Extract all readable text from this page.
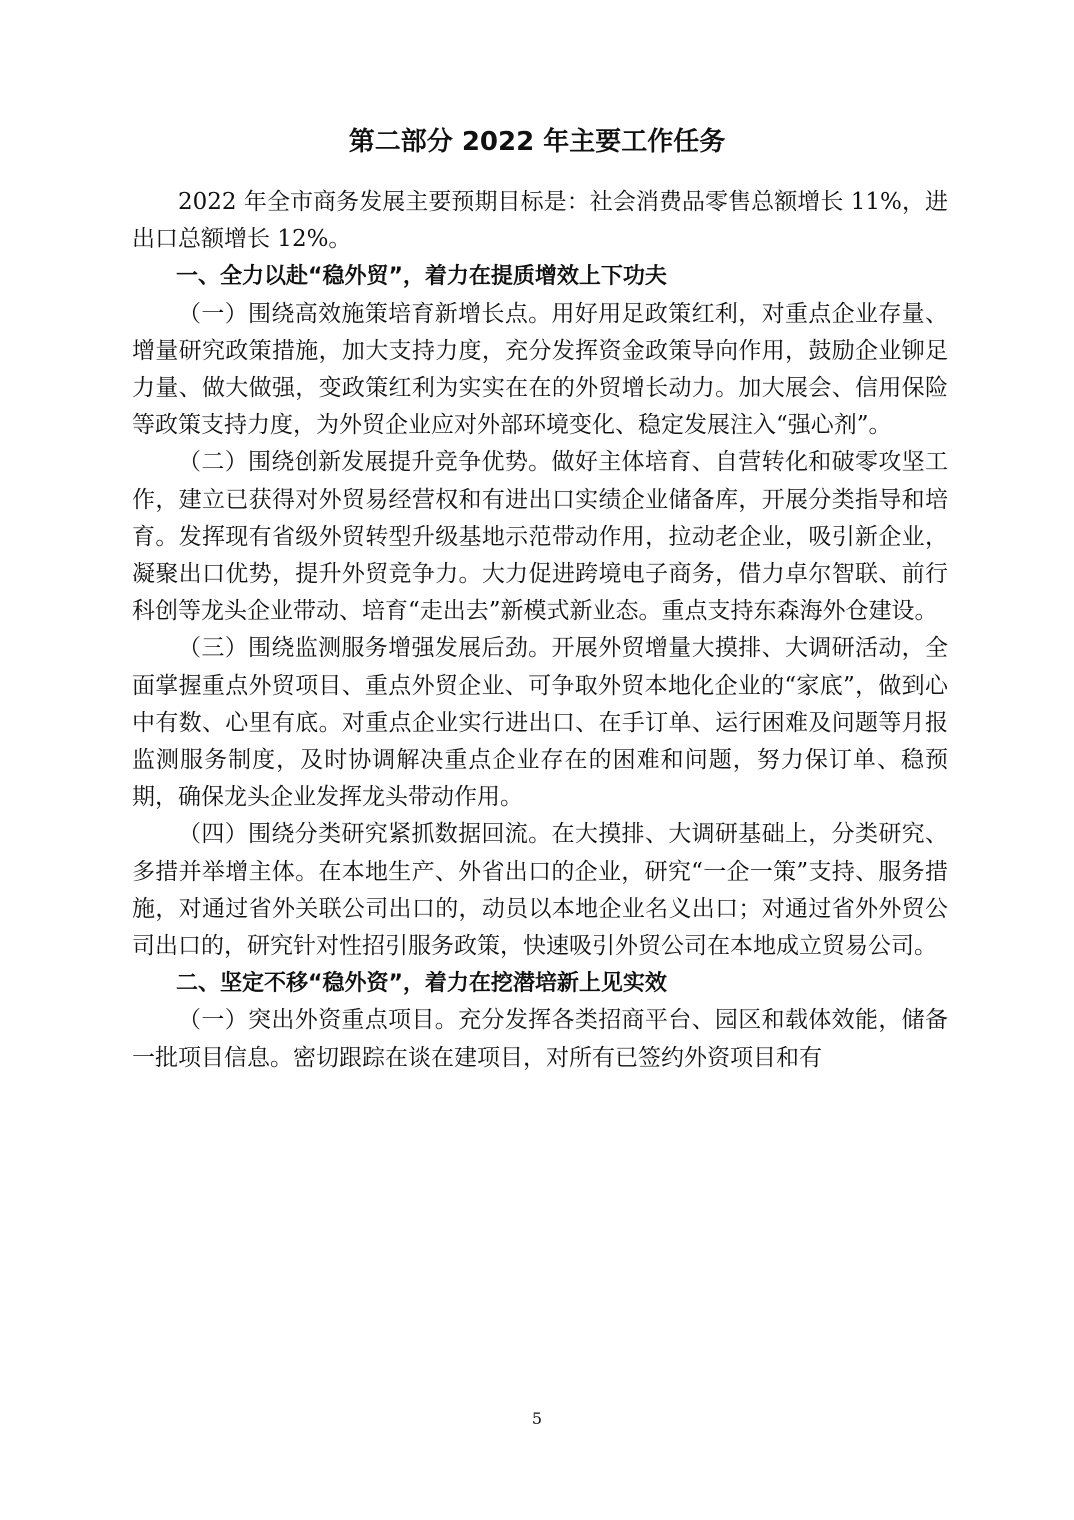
第二部分 2022 年主要工作任务

2022 年全市商务发展主要预期目标是：社会消费品零售总额增长 11%，进出口总额增长 12%。

一、全力以赴“稳外贸”，着力在提质增效上下功夫

（一）围绕高效施策培育新增长点。用好用足政策红利，对重点企业存量、增量研究政策措施，加大支持力度，充分发挥资金政策导向作用，鼓励企业铆足力量、做大做强，变政策红利为实实在在的外贸增长动力。加大展会、信用保险等政策支持力度，为外贸企业应对外部环境变化、稳定发展注入“强心剂”。

（二）围绕创新发展提升竞争优势。做好主体培育、自营转化和破零攻坚工作，建立已获得对外贸易经营权和有进出口实绩企业储备库，开展分类指导和培育。发挥现有省级外贸转型升级基地示范带动作用，拉动老企业，吸引新企业，凝聚出口优势，提升外贸竞争力。大力促进跨境电子商务，借力卓尔智联、前行科创等龙头企业带动、培育“走出去”新模式新业态。重点支持东森海外仓建设。

（三）围绕监测服务增强发展后劲。开展外贸增量大摸排、大调研活动，全面掌握重点外贸项目、重点外贸企业、可争取外贸本地化企业的“家底”，做到心中有数、心里有底。对重点企业实行进出口、在手订单、运行困难及问题等月报监测服务制度，及时协调解决重点企业存在的困难和问题，努力保订单、稳预期，确保龙头企业发挥龙头带动作用。

（四）围绕分类研究紧抓数据回流。在大摸排、大调研基础上，分类研究、多措并举增主体。在本地生产、外省出口的企业，研究“一企一策”支持、服务措施，对通过省外关联公司出口的，动员以本地企业名义出口；对通过省外外贸公司出口的，研究针对性招引服务政策，快速吸引外贸公司在本地成立贸易公司。

二、坚定不移“稳外资”，着力在挖潜培新上见实效

（一）突出外资重点项目。充分发挥各类招商平台、园区和载体效能，储备一批项目信息。密切跟踪在谈在建项目，对所有已签约外资项目和有

5
